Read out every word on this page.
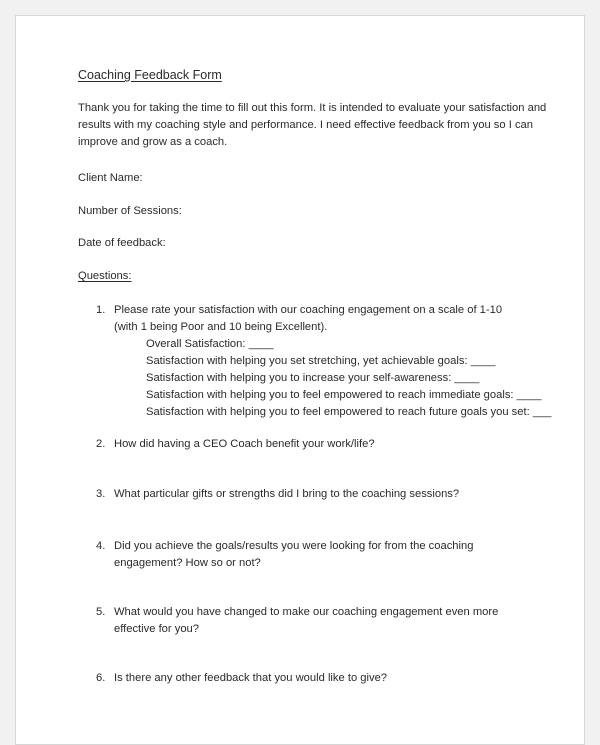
Coaching Feedback Form

Thank you for taking the time to fill out this form. It is intended to evaluate your satisfaction and results with my coaching style and performance. I need effective feedback from you so I can improve and grow as a coach.

Client Name:
Number of Sessions:
Date of feedback:
Questions:
1. Please rate your satisfaction with our coaching engagement on a scale of 1-10 (with 1 being Poor and 10 being Excellent).
Overall Satisfaction: ____
Satisfaction with helping you set stretching, yet achievable goals: ____
Satisfaction with helping you to increase your self-awareness: ____
Satisfaction with helping you to feel empowered to reach immediate goals: ____
Satisfaction with helping you to feel empowered to reach future goals you set: ___
2. How did having a CEO Coach benefit your work/life?
3. What particular gifts or strengths did I bring to the coaching sessions?
4. Did you achieve the goals/results you were looking for from the coaching engagement? How so or not?
5. What would you have changed to make our coaching engagement even more effective for you?
6. Is there any other feedback that you would like to give?
